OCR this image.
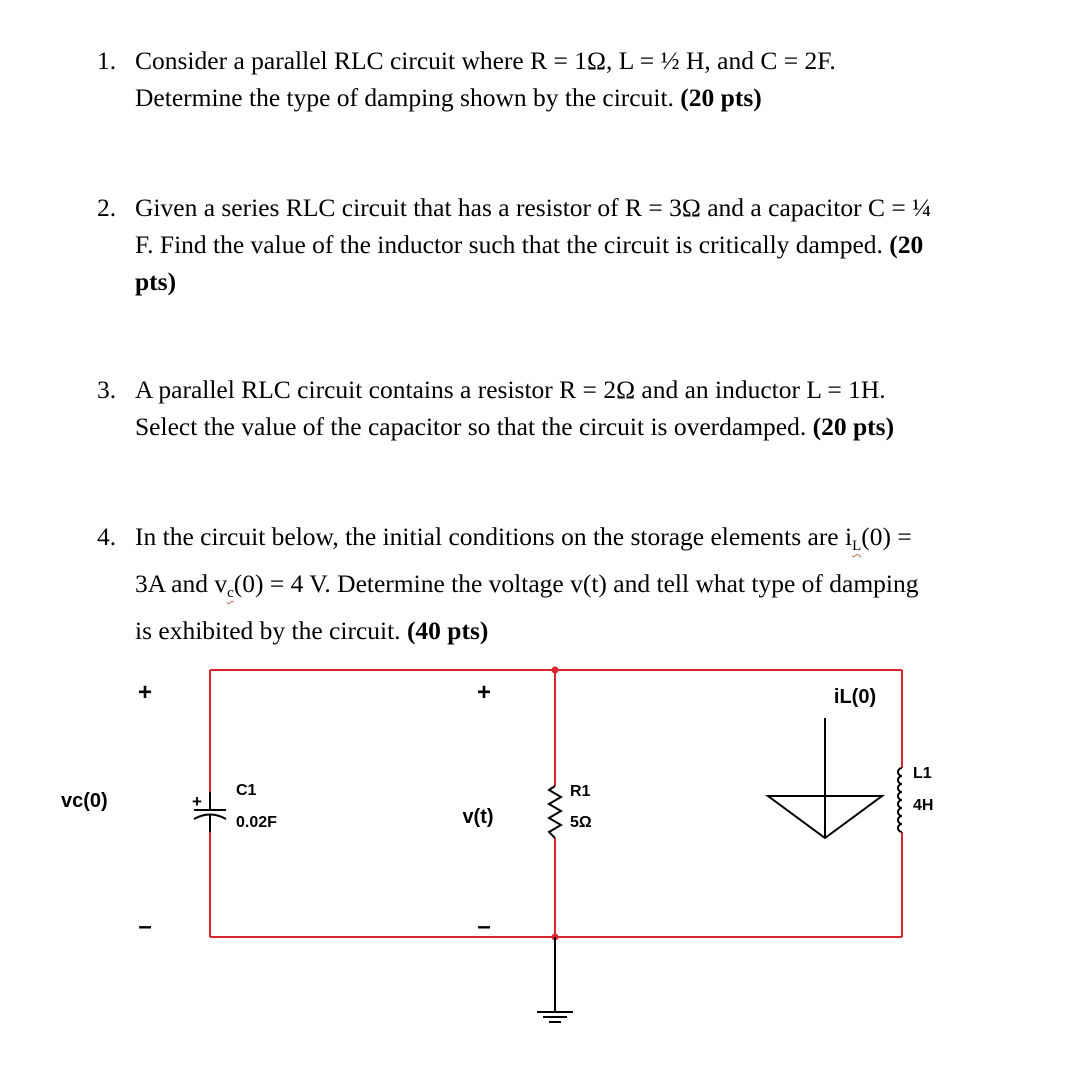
1. Consider a parallel RLC circuit where R = 1Ω, L = ½ H, and C = 2F.
Determine the type of damping shown by the circuit. (20 pts)
2. Given a series RLC circuit that has a resistor of R = 3Ω and a capacitor C = ¼
F. Find the value of the inductor such that the circuit is critically damped. (20
pts)
3. A parallel RLC circuit contains a resistor R = 2Ω and an inductor L = 1H.
Select the value of the capacitor so that the circuit is overdamped. (20 pts)
4. In the circuit below, the initial conditions on the storage elements are $i_L(0)$ =
3A and $v_c(0) = 4$ V. Determine the voltage v(t) and tell what type of damping
is exhibited by the circuit. (40 pts)
+
C1
0.02F
R1
5Ω
L1
4H
iL(0)
vc(0)
+
–
v(t)
+
–
